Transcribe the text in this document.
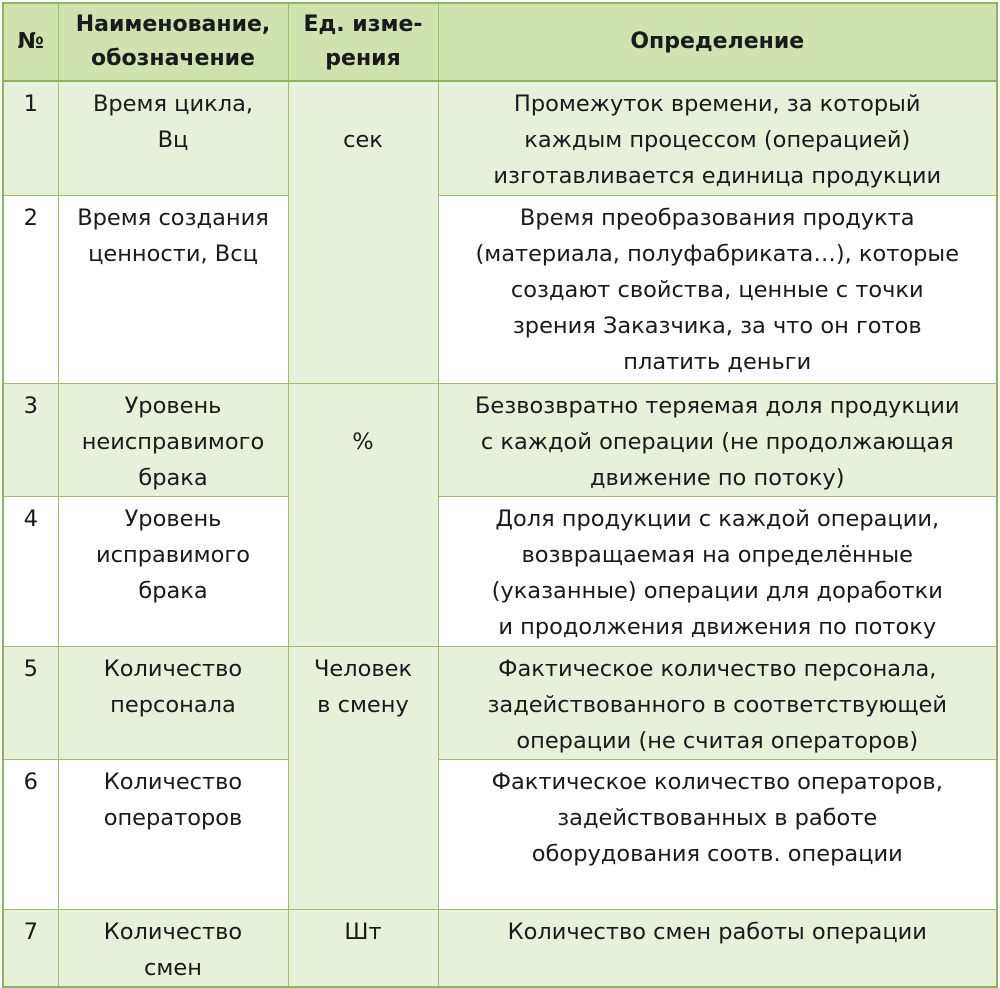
№	Наименование,
обозначение	Ед. изме-
рения	Определение

1	Время цикла,
Вц	сек	Промежуток времени, за который
каждым процессом (операцией)
изготавливается единица продукции

2	Время создания
ценности, Всц		Время преобразования продукта
(материала, полуфабриката…), которые
создают свойства, ценные с точки
зрения Заказчика, за что он готов
платить деньги

3	Уровень
неисправимого
брака	%	Безвозвратно теряемая доля продукции
с каждой операции (не продолжающая
движение по потоку)

4	Уровень
исправимого
брака		Доля продукции с каждой операции,
возвращаемая на определённые
(указанные) операции для доработки
и продолжения движения по потоку

5	Количество
персонала	Человек
в смену	Фактическое количество персонала,
задействованного в соответствующей
операции (не считая операторов)

6	Количество
операторов		Фактическое количество операторов,
задействованных в работе
оборудования соотв. операции

7	Количество
смен	Шт	Количество смен работы операции
